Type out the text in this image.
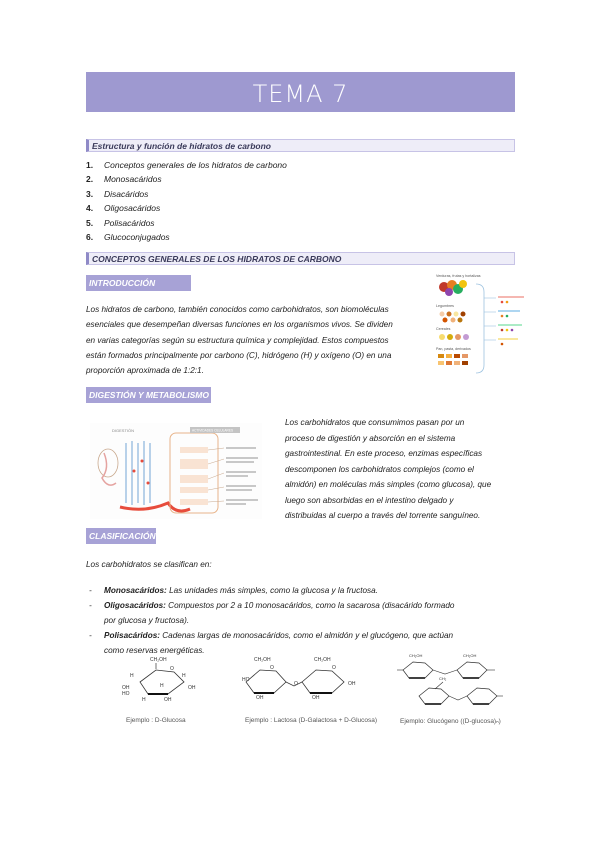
TEMA 7
Estructura y función de hidratos de carbono
1.	Conceptos generales de los hidratos de carbono
2.	Monosacáridos
3.	Disacáridos
4.	Oligosacáridos
5.	Polisacáridos
6.	Glucoconjugados
CONCEPTOS GENERALES DE LOS HIDRATOS DE CARBONO
INTRODUCCIÓN
Los hidratos de carbono, también conocidos como carbohidratos, son biomoléculas
esenciales que desempeñan diversas funciones en los organismos vivos. Se dividen
en varias categorías según su estructura química y complejidad. Estos compuestos
están formados principalmente por carbono (C), hidrógeno (H) y oxígeno (O) en una
proporción aproximada de 1:2:1.
Verduras, frutas y hortalizas
Legumbres
Cereales
Pan, pasta, derivados
DIGESTIÓN Y METABOLISMO
DIGESTIÓN	ACTIVIDADES CELULARES
Los carbohidratos que consumimos pasan por un
proceso de digestión y absorción en el sistema
gastrointestinal. En este proceso, enzimas específicas
descomponen los carbohidratos complejos (como el
almidón) en moléculas más simples (como glucosa), que
luego son absorbidas en el intestino delgado y
distribuidas al cuerpo a través del torrente sanguíneo.
CLASIFICACIÓN
Los carbohidratos se clasifican en:
- Monosacáridos: Las unidades más simples, como la glucosa y la fructosa.
- Oligosacáridos: Compuestos por 2 a 10 monosacáridos, como la sacarosa (disacárido formado
por glucosa y fructosa).
- Polisacáridos: Cadenas largas de monosacáridos, como el almidón y el glucógeno, que actúan
como reservas energéticas.
CH₂OH
H
O
H
OH	H	OH
H	OH
HO
CH₂OH	CH₂OH
HO
O	O
O	OH
OH	OH
CH₂OH	CH₂OH
CH₂
Ejemplo : D-Glucosa	Ejemplo : Lactosa (D-Galactosa + D-Glucosa)	Ejemplo: Glucógeno ((D-glucosa)ₙ)
